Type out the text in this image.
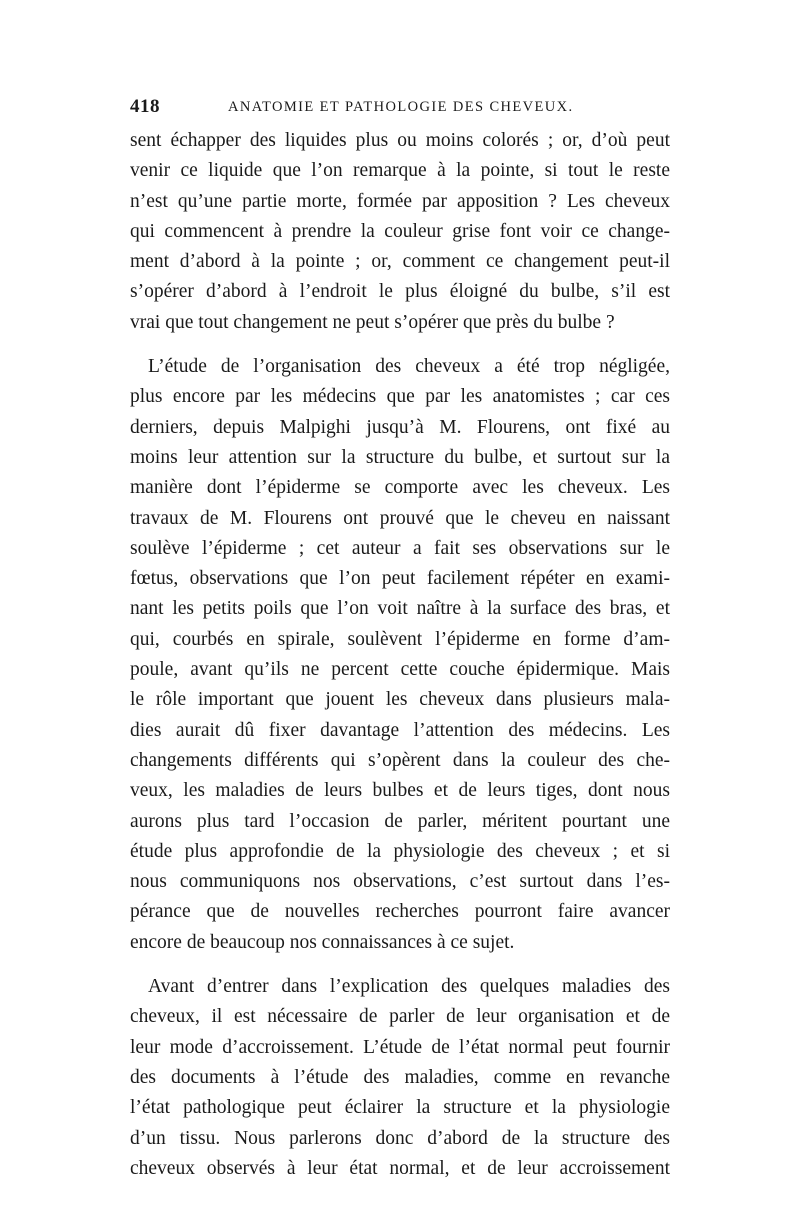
418	ANATOMIE ET PATHOLOGIE DES CHEVEUX.
sent échapper des liquides plus ou moins colorés ; or, d’où peut
venir ce liquide que l’on remarque à la pointe, si tout le reste
n’est qu’une partie morte, formée par apposition ? Les cheveux
qui commencent à prendre la couleur grise font voir ce change-
ment d’abord à la pointe ; or, comment ce changement peut-il
s’opérer d’abord à l’endroit le plus éloigné du bulbe, s’il est
vrai que tout changement ne peut s’opérer que près du bulbe ?
L’étude de l’organisation des cheveux a été trop négligée,
plus encore par les médecins que par les anatomistes ; car ces
derniers, depuis Malpighi jusqu’à M. Flourens, ont fixé au
moins leur attention sur la structure du bulbe, et surtout sur la
manière dont l’épiderme se comporte avec les cheveux. Les
travaux de M. Flourens ont prouvé que le cheveu en naissant
soulève l’épiderme ; cet auteur a fait ses observations sur le
fœtus, observations que l’on peut facilement répéter en exami-
nant les petits poils que l’on voit naître à la surface des bras, et
qui, courbés en spirale, soulèvent l’épiderme en forme d’am-
poule, avant qu’ils ne percent cette couche épidermique. Mais
le rôle important que jouent les cheveux dans plusieurs mala-
dies aurait dû fixer davantage l’attention des médecins. Les
changements différents qui s’opèrent dans la couleur des che-
veux, les maladies de leurs bulbes et de leurs tiges, dont nous
aurons plus tard l’occasion de parler, méritent pourtant une
étude plus approfondie de la physiologie des cheveux ; et si
nous communiquons nos observations, c’est surtout dans l’es-
pérance que de nouvelles recherches pourront faire avancer
encore de beaucoup nos connaissances à ce sujet.
Avant d’entrer dans l’explication des quelques maladies des
cheveux, il est nécessaire de parler de leur organisation et de
leur mode d’accroissement. L’étude de l’état normal peut fournir
des documents à l’étude des maladies, comme en revanche
l’état pathologique peut éclairer la structure et la physiologie
d’un tissu. Nous parlerons donc d’abord de la structure des
cheveux observés à leur état normal, et de leur accroissement
